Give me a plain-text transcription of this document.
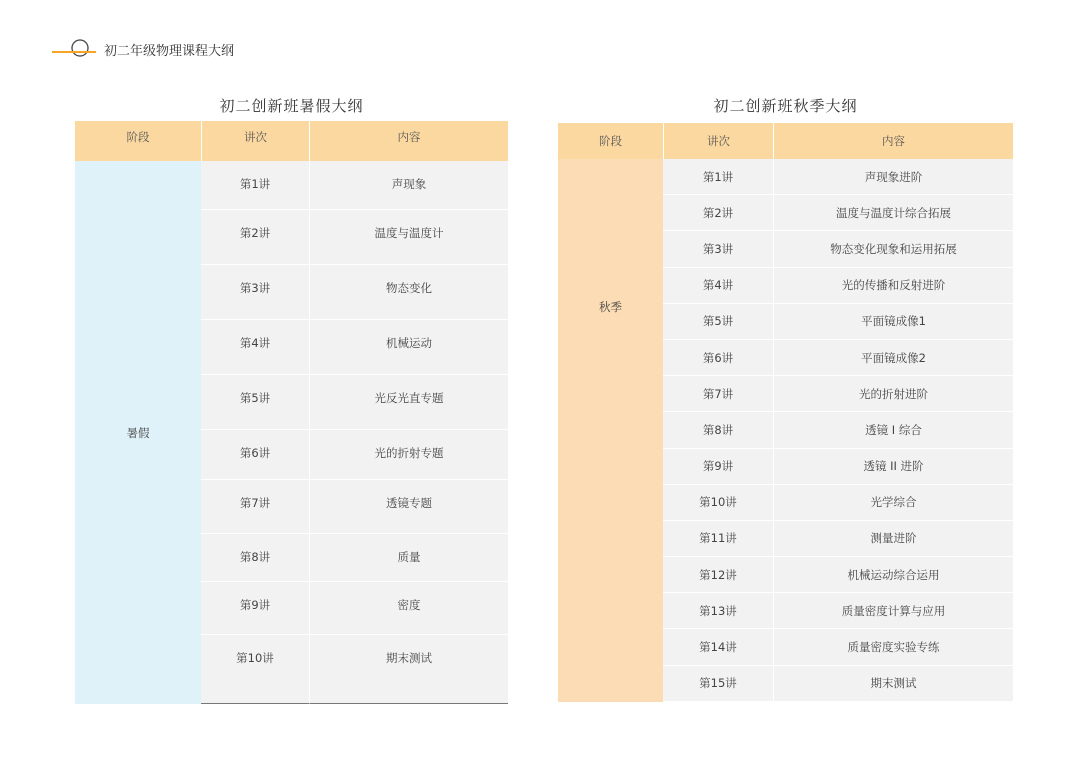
初二年级物理课程大纲
初二创新班暑假大纲	初二创新班秋季大纲
阶段	讲次	内容
暑假
第1讲	声现象
第2讲	温度与温度计
第3讲	物态变化
第4讲	机械运动
第5讲	光反光直专题
第6讲	光的折射专题
第7讲	透镜专题
第8讲	质量
第9讲	密度
第10讲	期末测试
阶段	讲次	内容
秋季
第1讲	声现象进阶
第2讲	温度与温度计综合拓展
第3讲	物态变化现象和运用拓展
第4讲	光的传播和反射进阶
第5讲	平面镜成像1
第6讲	平面镜成像2
第7讲	光的折射进阶
第8讲	透镜 I 综合
第9讲	透镜 II 进阶
第10讲	光学综合
第11讲	测量进阶
第12讲	机械运动综合运用
第13讲	质量密度计算与应用
第14讲	质量密度实验专练
第15讲	期末测试
